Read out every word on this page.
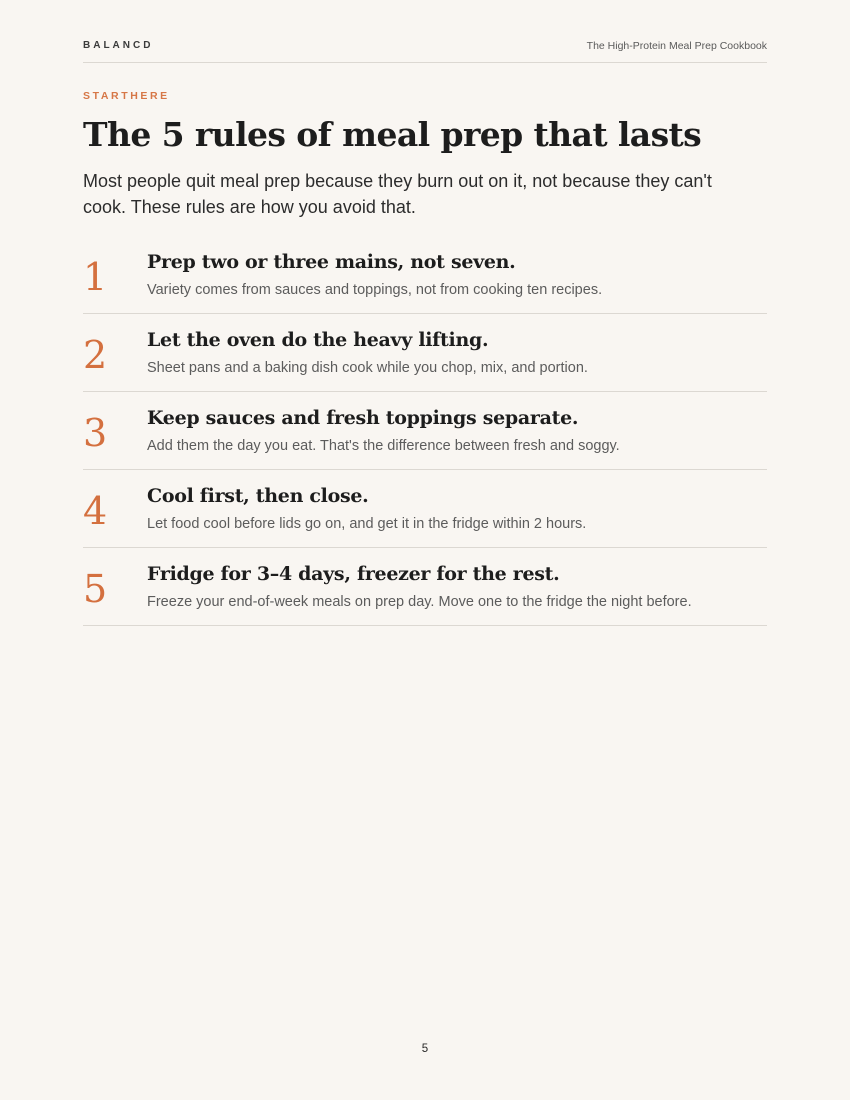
BALANCD	The High-Protein Meal Prep Cookbook
STARTHERE
The 5 rules of meal prep that lasts

Most people quit meal prep because they burn out on it, not because they can't cook. These rules are how you avoid that.

1 Prep two or three mains, not seven.
Variety comes from sauces and toppings, not from cooking ten recipes.
2 Let the oven do the heavy lifting.
Sheet pans and a baking dish cook while you chop, mix, and portion.
3 Keep sauces and fresh toppings separate.
Add them the day you eat. That's the difference between fresh and soggy.
4 Cool first, then close.
Let food cool before lids go on, and get it in the fridge within 2 hours.
5 Fridge for 3–4 days, freezer for the rest.
Freeze your end-of-week meals on prep day. Move one to the fridge the night before.
5
